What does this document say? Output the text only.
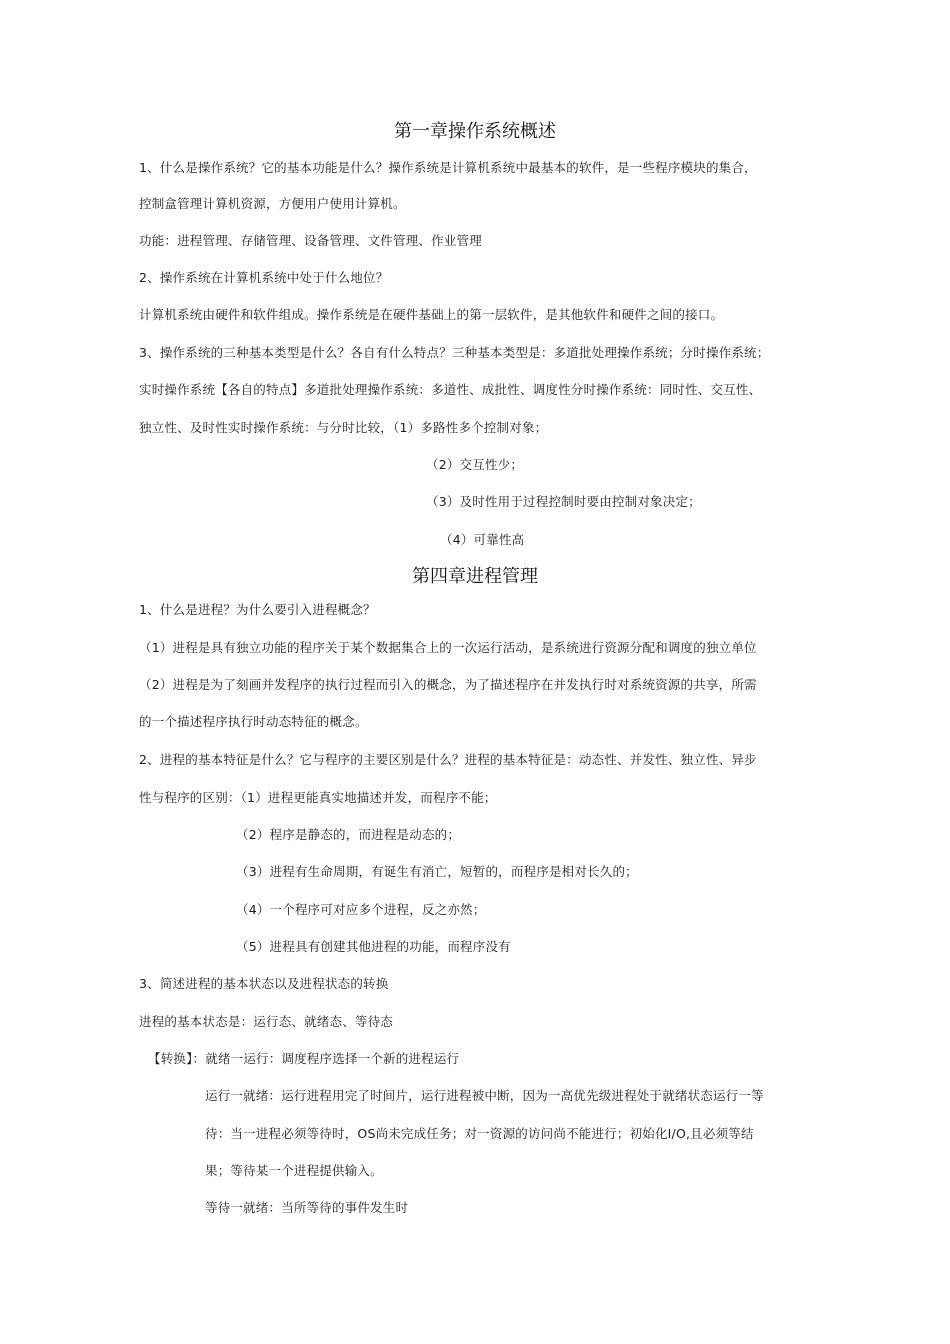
第一章操作系统概述
1、什么是操作系统？它的基本功能是什么？操作系统是计算机系统中最基本的软件，是一些程序模块的集合，
控制盒管理计算机资源，方便用户使用计算机。
功能：进程管理、存储管理、设备管理、文件管理、作业管理
2、操作系统在计算机系统中处于什么地位？
计算机系统由硬件和软件组成。操作系统是在硬件基础上的第一层软件，是其他软件和硬件之间的接口。
3、操作系统的三种基本类型是什么？各自有什么特点？三种基本类型是：多道批处理操作系统；分时操作系统；
实时操作系统【各自的特点】多道批处理操作系统：多道性、成批性、调度性分时操作系统：同时性、交互性、
独立性、及时性实时操作系统：与分时比较，（1）多路性多个控制对象；
（2）交互性少；
（3）及时性用于过程控制时要由控制对象决定；
（4）可靠性高
第四章进程管理
1、什么是进程？为什么要引入进程概念？
（1）进程是具有独立功能的程序关于某个数据集合上的一次运行活动，是系统进行资源分配和调度的独立单位
（2）进程是为了刻画并发程序的执行过程而引入的概念，为了描述程序在并发执行时对系统资源的共享，所需
的一个描述程序执行时动态特征的概念。
2、进程的基本特征是什么？它与程序的主要区别是什么？进程的基本特征是：动态性、并发性、独立性、异步
性与程序的区别：（1）进程更能真实地描述并发，而程序不能；
（2）程序是静态的，而进程是动态的；
（3）进程有生命周期，有诞生有消亡，短暂的，而程序是相对长久的；
（4）一个程序可对应多个进程，反之亦然；
（5）进程具有创建其他进程的功能，而程序没有
3、简述进程的基本状态以及进程状态的转换
进程的基本状态是：运行态、就绪态、等待态
【转换】：就绪一运行：调度程序选择一个新的进程运行
运行一就绪：运行进程用完了时间片，运行进程被中断，因为一高优先级进程处于就绪状态运行一等
待：当一进程必须等待时，OS尚未完成任务；对一资源的访问尚不能进行；初始化I/O,且必须等结
果；等待某一个进程提供输入。
等待一就绪：当所等待的事件发生时
